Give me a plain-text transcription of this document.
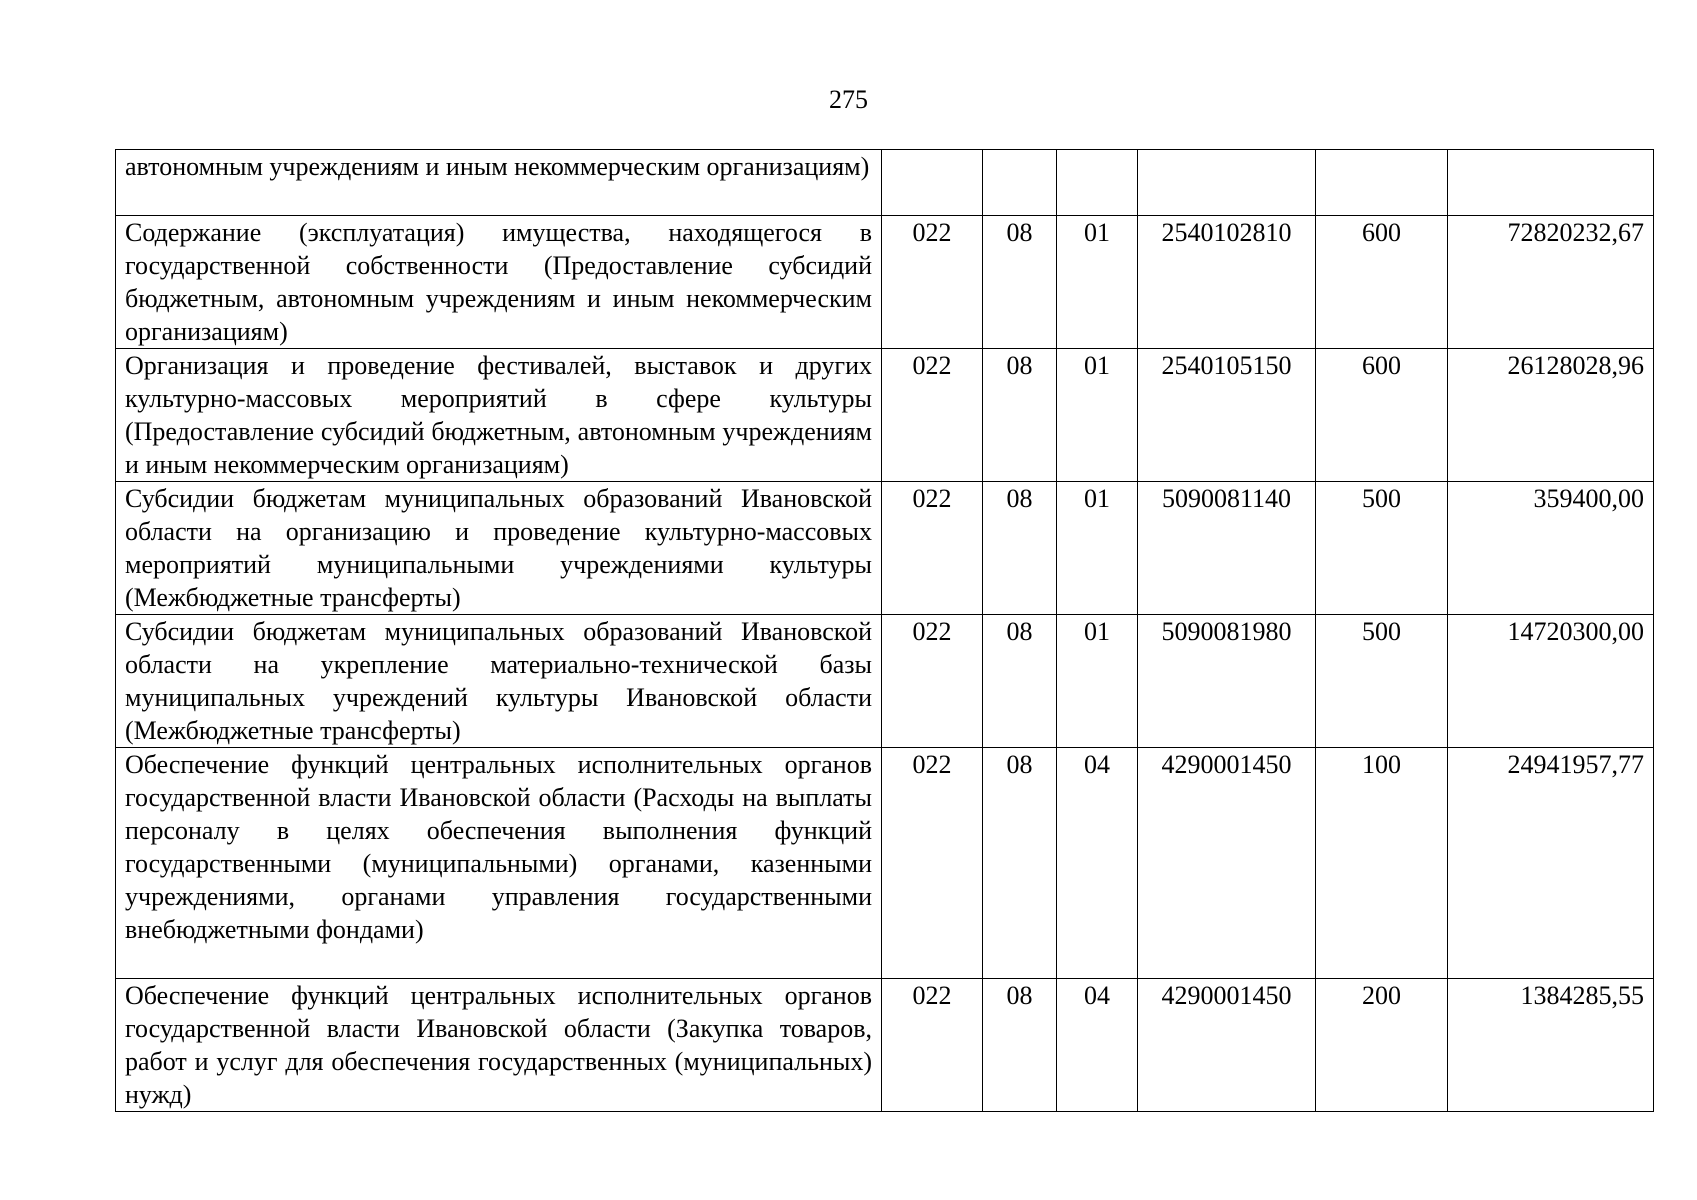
275
автономным учреждениям и иным некоммерческим организациям)						
Содержание (эксплуатация) имущества, находящегося в государственной собственности (Предоставление субсидий бюджетным, автономным учреждениям и иным некоммерческим организациям)	022	08	01	2540102810	600	72820232,67
Организация и проведение фестивалей, выставок и других культурно-массовых мероприятий в сфере культуры (Предоставление субсидий бюджетным, автономным учреждениям и иным некоммерческим организациям)	022	08	01	2540105150	600	26128028,96
Субсидии бюджетам муниципальных образований Ивановской области на организацию и проведение культурно-массовых мероприятий муниципальными учреждениями культуры (Межбюджетные трансферты)	022	08	01	5090081140	500	359400,00
Субсидии бюджетам муниципальных образований Ивановской области на укрепление материально-технической базы муниципальных учреждений культуры Ивановской области (Межбюджетные трансферты)	022	08	01	5090081980	500	14720300,00
Обеспечение функций центральных исполнительных органов государственной власти Ивановской области (Расходы на выплаты персоналу в целях обеспечения выполнения функций государственными (муниципальными) органами, казенными учреждениями, органами управления государственными внебюджетными фондами)	022	08	04	4290001450	100	24941957,77
Обеспечение функций центральных исполнительных органов государственной власти Ивановской области (Закупка товаров, работ и услуг для обеспечения государственных (муниципальных) нужд)	022	08	04	4290001450	200	1384285,55
